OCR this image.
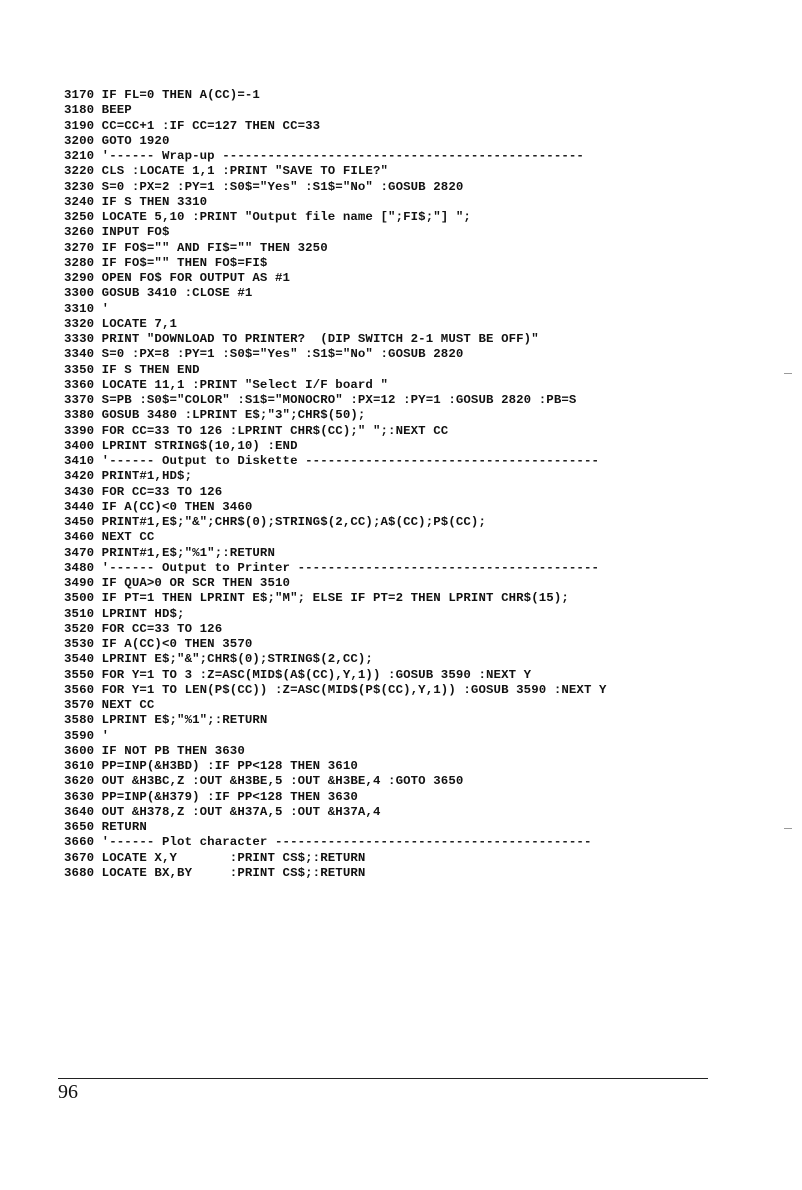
3170 IF FL=0 THEN A(CC)=-1
3180 BEEP
3190 CC=CC+1 :IF CC=127 THEN CC=33
3200 GOTO 1920
3210 '------ Wrap-up ------------------------------------------------
3220 CLS :LOCATE 1,1 :PRINT "SAVE TO FILE?"
3230 S=0 :PX=2 :PY=1 :S0$="Yes" :S1$="No" :GOSUB 2820
3240 IF S THEN 3310
3250 LOCATE 5,10 :PRINT "Output file name [";FI$;"] ";
3260 INPUT FO$
3270 IF FO$="" AND FI$="" THEN 3250
3280 IF FO$="" THEN FO$=FI$
3290 OPEN FO$ FOR OUTPUT AS #1
3300 GOSUB 3410 :CLOSE #1
3310 '
3320 LOCATE 7,1
3330 PRINT "DOWNLOAD TO PRINTER?  (DIP SWITCH 2-1 MUST BE OFF)"
3340 S=0 :PX=8 :PY=1 :S0$="Yes" :S1$="No" :GOSUB 2820
3350 IF S THEN END
3360 LOCATE 11,1 :PRINT "Select I/F board "
3370 S=PB :S0$="COLOR" :S1$="MONOCRO" :PX=12 :PY=1 :GOSUB 2820 :PB=S
3380 GOSUB 3480 :LPRINT E$;"3";CHR$(50);
3390 FOR CC=33 TO 126 :LPRINT CHR$(CC);" ";:NEXT CC
3400 LPRINT STRING$(10,10) :END
3410 '------ Output to Diskette ---------------------------------------
3420 PRINT#1,HD$;
3430 FOR CC=33 TO 126
3440 IF A(CC)<0 THEN 3460
3450 PRINT#1,E$;"&";CHR$(0);STRING$(2,CC);A$(CC);P$(CC);
3460 NEXT CC
3470 PRINT#1,E$;"%1";:RETURN
3480 '------ Output to Printer ----------------------------------------
3490 IF QUA>0 OR SCR THEN 3510
3500 IF PT=1 THEN LPRINT E$;"M"; ELSE IF PT=2 THEN LPRINT CHR$(15);
3510 LPRINT HD$;
3520 FOR CC=33 TO 126
3530 IF A(CC)<0 THEN 3570
3540 LPRINT E$;"&";CHR$(0);STRING$(2,CC);
3550 FOR Y=1 TO 3 :Z=ASC(MID$(A$(CC),Y,1)) :GOSUB 3590 :NEXT Y
3560 FOR Y=1 TO LEN(P$(CC)) :Z=ASC(MID$(P$(CC),Y,1)) :GOSUB 3590 :NEXT Y
3570 NEXT CC
3580 LPRINT E$;"%1";:RETURN
3590 '
3600 IF NOT PB THEN 3630
3610 PP=INP(&H3BD) :IF PP<128 THEN 3610
3620 OUT &H3BC,Z :OUT &H3BE,5 :OUT &H3BE,4 :GOTO 3650
3630 PP=INP(&H379) :IF PP<128 THEN 3630
3640 OUT &H378,Z :OUT &H37A,5 :OUT &H37A,4
3650 RETURN
3660 '------ Plot character ------------------------------------------
3670 LOCATE X,Y       :PRINT CS$;:RETURN
3680 LOCATE BX,BY     :PRINT CS$;:RETURN
96
